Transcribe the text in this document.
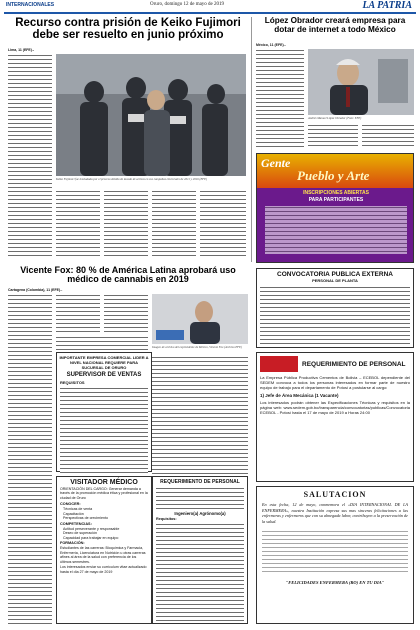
INTERNACIONALES	Oruro, domingo 12 de mayo de 2019	LA PATRIA
Recurso contra prisión de Keiko Fujimori debe ser resuelto en junio próximo
Lima, 11 (EFE).-
Keiko Fujimori fue trasladada por el proceso debido de lavado de activos en sus campañas electorales de 2011 y 2016 (EFE)
López Obrador creará empresa para dotar de internet a todo México
México, 11 (EFE).-
Andrés Manuel López Obrador (Foto: EFE)
Gente
Pueblo y Arte
INSCRIPCIONES ABIERTAS
PARA PARTICIPANTES
Vicente Fox: 80 % de América Latina aprobará uso médico de cannabis en 2019
Cartagena (Colombia), 11 (EFE).-
Imagen de archivo del expresidente de México, Vicente Fox (Archivo EFE)
IMPORTANTE EMPRESA COMERCIAL LIDER A NIVEL NACIONAL REQUIERE PARA SUCURSAL DE ORURO
SUPERVISOR DE VENTAS
REQUISITOS
CONVOCATORIA PUBLICA EXTERNA
PERSONAL DE PLANTA
REQUERIMIENTO DE PERSONAL
La Empresa Pública Productiva Cementos de Bolivia – ECEBOL dependiente del SEDEM convoca a todos los personas interesados en formar parte de nuestro equipo de trabajo para el departamento de Potosí a postularse al cargo:
1) Jefe de Área Mecánica (1 Vacante)
Los interesados podrán obtener las Especificaciones Técnicas y requisitos en la página web: www.sedem.gob.bo/transparencia/convocatorias/publicas/Convocatoria ECEBOL - Potosí hasta el 17 de mayo de 2019 a Horas 24:00
VISITADOR MÉDICO
ORIENTACIÓN DEL CARGO: Generar demanda a través de la promoción médica ética y profesional en la ciudad de Oruro
CONOCER:
Técnicas de venta
Capacitación
Perspectivas de crecimiento
COMPETENCIAS:
Actitud perseverante y responsable
Deseo de superación
Capacidad para trabajar en equipo
FORMACIÓN:
Estudiantes de las carreras: Bioquímica y Farmacia, Enfermería, Licenciatura en Nutrición u otras carreras afines al área de la salud con preferencia de los últimos semestres.
Los interesados enviar su currículum vitae actualizado hasta el día 27 de mayo de 2019
REQUERIMIENTO DE PERSONAL
Ingeniero(a) Agrónomo(a)
Requisitos:
SALUTACION
En esta fecha, 12 de mayo, conmemora el «DIA INTERNACIONAL DE LA ENFERMERA», nuestra Institución expresa sus mas sinceras felicitaciones a las enfermeras y enfermeros que con su abnegada labor, contribuyen a la preservación de la salud.
"FELICIDADES ENFERMERA (RO) EN TU DIA"
